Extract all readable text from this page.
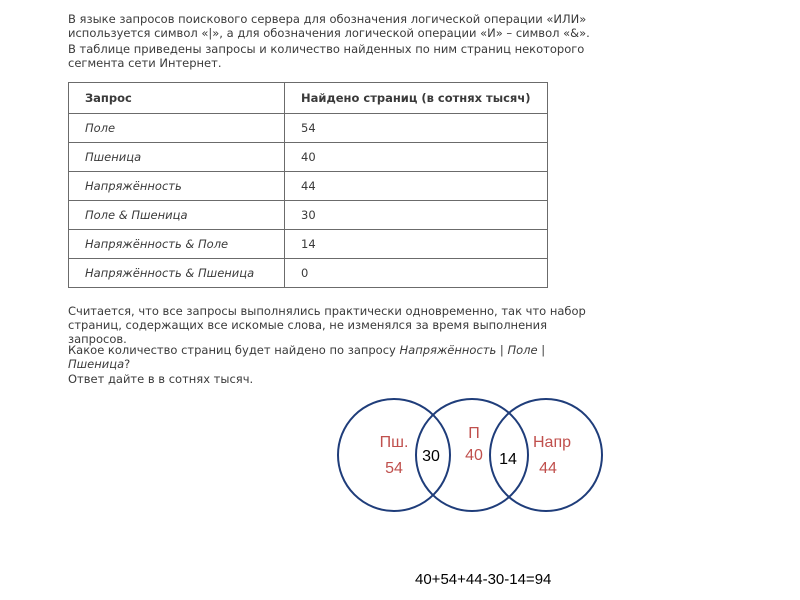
В языке запросов поискового сервера для обозначения логической операции «ИЛИ»
используется символ «|», а для обозначения логической операции «И» – символ «&».
В таблице приведены запросы и количество найденных по ним страниц некоторого
сегмента сети Интернет.
Запрос	Найдено страниц (в сотнях тысяч)
Поле	54
Пшеница	40
Напряжённость	44
Поле & Пшеница	30
Напряжённость & Поле	14
Напряжённость & Пшеница	0
Считается, что все запросы выполнялись практически одновременно, так что набор
страниц, содержащих все искомые слова, не изменялся за время выполнения
запросов.
Какое количество страниц будет найдено по запросу Напряжённость | Поле |
Пшеница?
Ответ дайте в в сотнях тысяч.
Пш.
54
П
40
Напр
44
30	14
40+54+44-30-14=94
